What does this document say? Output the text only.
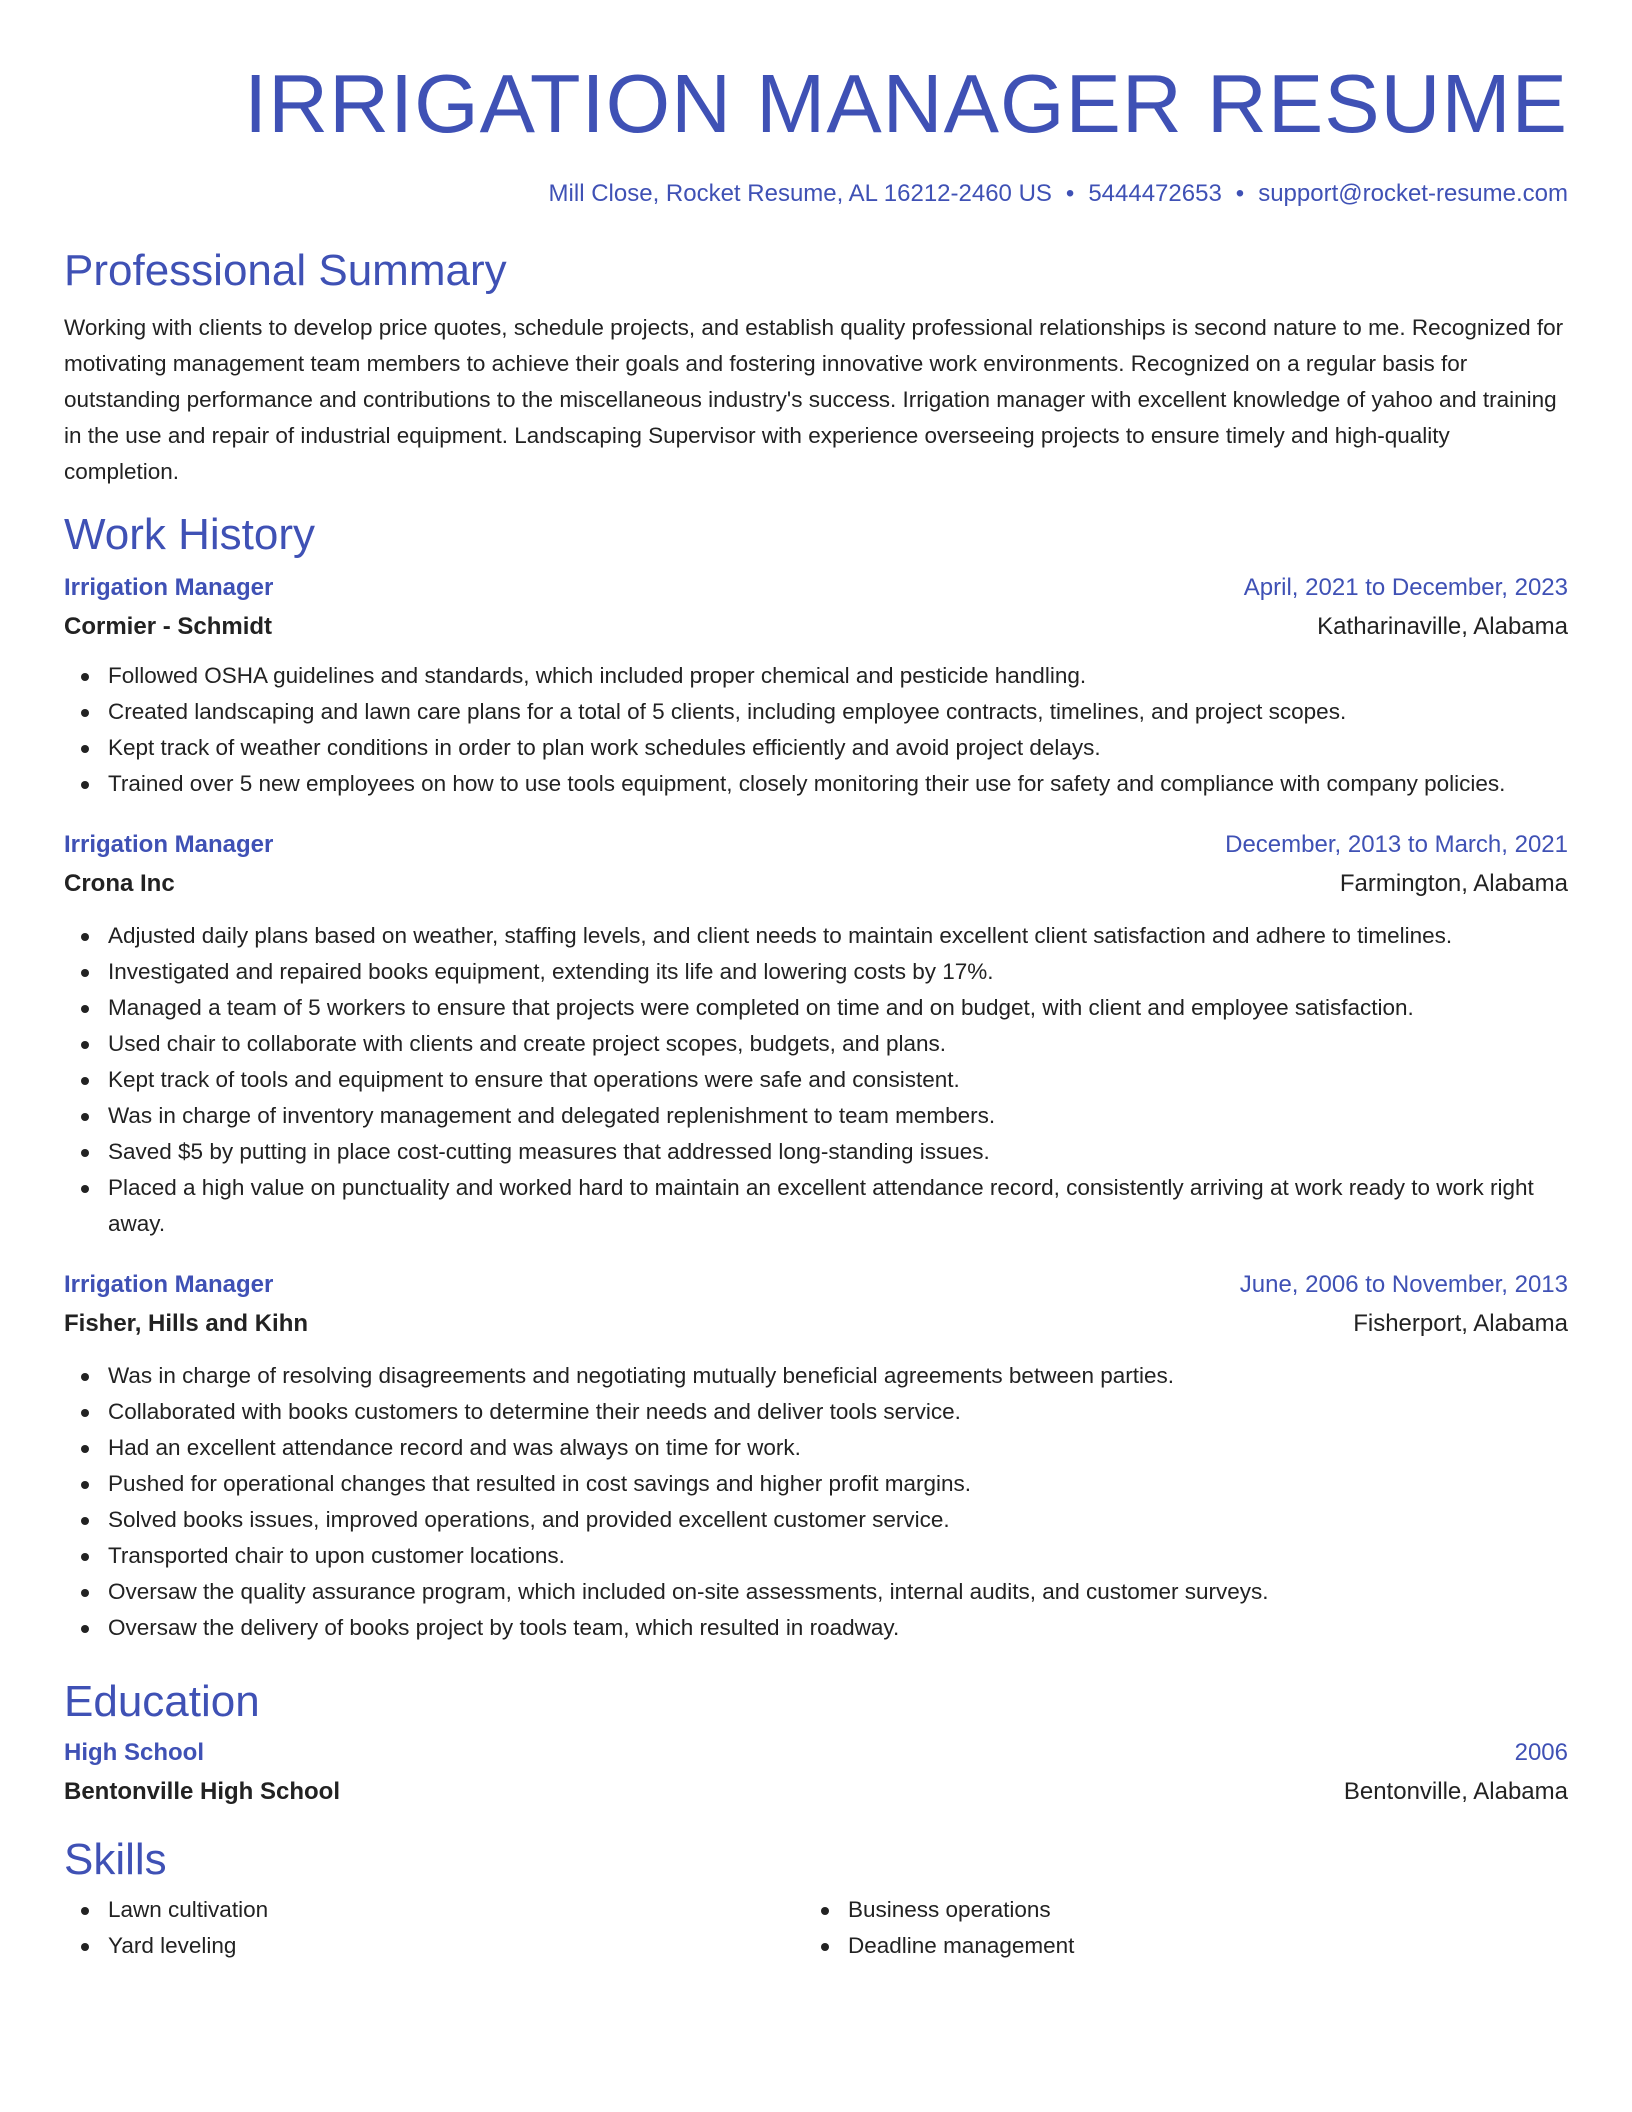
IRRIGATION MANAGER RESUME
Mill Close, Rocket Resume, AL 16212-2460 US • 5444472653 • support@rocket-resume.com
Professional Summary

Working with clients to develop price quotes, schedule projects, and establish quality professional relationships is second nature to me. Recognized for motivating management team members to achieve their goals and fostering innovative work environments. Recognized on a regular basis for outstanding performance and contributions to the miscellaneous industry's success. Irrigation manager with excellent knowledge of yahoo and training in the use and repair of industrial equipment. Landscaping Supervisor with experience overseeing projects to ensure timely and high-quality completion.

Work History
Irrigation Manager	April, 2021 to December, 2023
Cormier - Schmidt	Katharinaville, Alabama
Followed OSHA guidelines and standards, which included proper chemical and pesticide handling.
Created landscaping and lawn care plans for a total of 5 clients, including employee contracts, timelines, and project scopes.
Kept track of weather conditions in order to plan work schedules efficiently and avoid project delays.
Trained over 5 new employees on how to use tools equipment, closely monitoring their use for safety and compliance with company policies.
Irrigation Manager	December, 2013 to March, 2021
Crona Inc	Farmington, Alabama
Adjusted daily plans based on weather, staffing levels, and client needs to maintain excellent client satisfaction and adhere to timelines.
Investigated and repaired books equipment, extending its life and lowering costs by 17%.
Managed a team of 5 workers to ensure that projects were completed on time and on budget, with client and employee satisfaction.
Used chair to collaborate with clients and create project scopes, budgets, and plans.
Kept track of tools and equipment to ensure that operations were safe and consistent.
Was in charge of inventory management and delegated replenishment to team members.
Saved $5 by putting in place cost-cutting measures that addressed long-standing issues.
Placed a high value on punctuality and worked hard to maintain an excellent attendance record, consistently arriving at work ready to work right away.
Irrigation Manager	June, 2006 to November, 2013
Fisher, Hills and Kihn	Fisherport, Alabama
Was in charge of resolving disagreements and negotiating mutually beneficial agreements between parties.
Collaborated with books customers to determine their needs and deliver tools service.
Had an excellent attendance record and was always on time for work.
Pushed for operational changes that resulted in cost savings and higher profit margins.
Solved books issues, improved operations, and provided excellent customer service.
Transported chair to upon customer locations.
Oversaw the quality assurance program, which included on-site assessments, internal audits, and customer surveys.
Oversaw the delivery of books project by tools team, which resulted in roadway.
Education
High School	2006
Bentonville High School	Bentonville, Alabama
Skills
Lawn cultivation
Yard leveling
Business operations
Deadline management
